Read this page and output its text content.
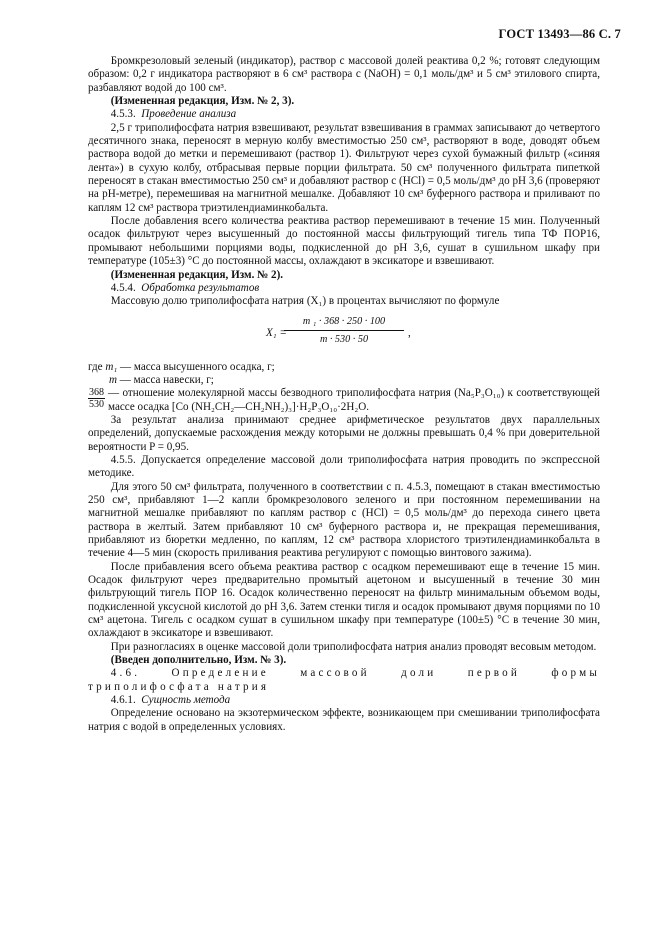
ГОСТ 13493—86 С. 7

Бромкрезоловый зеленый (индикатор), раствор с массовой долей реактива 0,2 %; готовят следующим образом: 0,2 г индикатора растворяют в 6 см³ раствора c (NaOH) = 0,1 моль/дм³ и 5 см³ этилового спирта, разбавляют водой до 100 см³.

(Измененная редакция, Изм. № 2, 3).

4.5.3. Проведение анализа

2,5 г триполифосфата натрия взвешивают, результат взвешивания в граммах записывают до четвертого десятичного знака, переносят в мерную колбу вместимостью 250 см³, растворяют в воде, доводят объем раствора водой до метки и перемешивают (раствор 1). Фильтруют через сухой бумажный фильтр («синяя лента») в сухую колбу, отбрасывая первые порции фильтрата. 50 см³ полученного фильтрата пипеткой переносят в стакан вместимостью 250 см³ и добавляют раствор c (HCl) = 0,5 моль/дм³ до pH 3,6 (проверяют на pH-метре), перемешивая на магнитной мешалке. Добавляют 10 см³ буферного раствора и приливают по каплям 12 см³ раствора триэтилендиаминкобальта.

После добавления всего количества реактива раствор перемешивают в течение 15 мин. Полученный осадок фильтруют через высушенный до постоянной массы фильтрующий тигель типа ТФ ПОР16, промывают небольшими порциями воды, подкисленной до pH 3,6, сушат в сушильном шкафу при температуре (105±3) °С до постоянной массы, охлаждают в эксикаторе и взвешивают.

(Измененная редакция, Изм. № 2).

4.5.4. Обработка результатов

Массовую долю триполифосфата натрия (X₁) в процентах вычисляют по формуле

X₁ =
$\frac{\text{m ₁ · 368 · 250 · 100}}{m \cdot 530 \cdot 50}$ ,
где
m₁
— масса высушенного осадка, г;
m
— масса навески, г;
368
530
— отношение молекулярной массы безводного триполифосфата натрия (Na₅P₃O₁₀) к соответствующей массе осадка [Co (NH₂CH₂—CH₂NH₂)₃]·H₂P₃O₁₀·2H₂O.

За результат анализа принимают среднее арифметическое результатов двух параллельных определений, допускаемые расхождения между которыми не должны превышать 0,4 % при доверительной вероятности P = 0,95.

4.5.5. Допускается определение массовой доли триполифосфата натрия проводить по экспрессной методике.

Для этого 50 см³ фильтрата, полученного в соответствии с п. 4.5.3, помещают в стакан вместимостью 250 см³, прибавляют 1—2 капли бромкрезолового зеленого и при постоянном перемешивании на магнитной мешалке прибавляют по каплям раствор c (HCl) = 0,5 моль/дм³ до перехода синего цвета раствора в желтый. Затем прибавляют 10 см³ буферного раствора и, не прекращая перемешивания, прибавляют из бюретки медленно, по каплям, 12 см³ раствора хлористого триэтилендиаминкобальта в течение 4—5 мин (скорость приливания реактива регулируют с помощью винтового зажима).

После прибавления всего объема реактива раствор с осадком перемешивают еще в течение 15 мин. Осадок фильтруют через предварительно промытый ацетоном и высушенный в течение 30 мин фильтрующий тигель ПОР 16. Осадок количественно переносят на фильтр минимальным объемом воды, подкисленной уксусной кислотой до pH 3,6. Затем стенки тигля и осадок промывают двумя порциями по 10 см³ ацетона. Тигель с осадком сушат в сушильном шкафу при температуре (100±5) °С в течение 30 мин, охлаждают в эксикаторе и взвешивают.

При разногласиях в оценке массовой доли триполифосфата натрия анализ проводят весовым методом.

(Введен дополнительно, Изм. № 3).

4.6. Определение массовой доли первой формы триполифосфата натрия

4.6.1. Сущность метода

Определение основано на экзотермическом эффекте, возникающем при смешивании триполифосфата натрия с водой в определенных условиях.
